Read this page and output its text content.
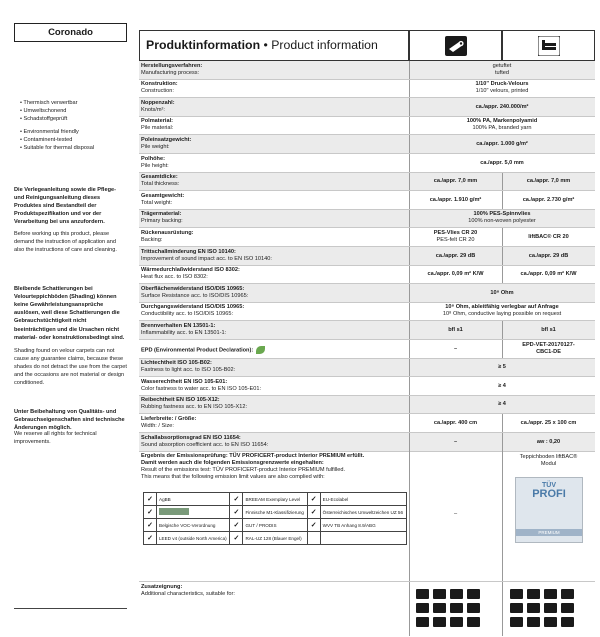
Coronado
• Thermisch verwertbar
• Umweltschonend
• Schadstoffgeprüft
• Environmental friendly
• Contaminent-tested
• Suitable for thermal disposal

Die Verlegeanleitung sowie die Pflege- und Reinigungsanleitung dieses Produktes sind Bestandteil der Produktspezifikation und vor der Verarbeitung bei uns anzufordern.

Before working up this product, please demand the instruction of application and also the instructions of care and cleaning.

Bleibende Schattierungen bei Velourteppichböden (Shading) können keine Gewährleistungsansprüche auslösen, weil diese Schattierungen die Gebrauchstüchtigkeit nicht beeinträchtigen und die Ursachen nicht material- oder konstruktionsbedingt sind.

Shading found on velour carpets can not cause any guarantee claims, because these shades do not detract the use from the carpet and the occasions are not material or design conditioned.

Unter Beibehaltung von Qualitäts- und Gebrauchseigenschaften sind technische Änderungen möglich.

We reserve all rights for technical improvements.

Produktinformation • Product information
Herstellungsverfahren:
Manufacturing process:
getuftet
tufted
Konstruktion:
Construction:
1/10" Druck-Velours
1/10" velours, printed
Noppenzahl:
Knots/m²:	ca./appr. 240.000/m²
Polmaterial:
Pile material:
100% PA, Markenpolyamid
100% PA, branded yarn
Poleinsatzgewicht:
Pile weight:	ca./appr. 1.000 g/m²
Polhöhe:
Pile height:	ca./appr. 5,0 mm
Gesamtdicke:
Total thickness:	ca./appr. 7,0 mm	ca./appr. 7,0 mm
Gesamtgewicht:
Total weight:	ca./appr. 1.910 g/m²	ca./appr. 2.730 g/m²
Trägermaterial:
Primary backing:
100% PES-Spinnvlies
100% non-woven polyester
Rückenausrüstung:
Backing:
PES-Vlies CR 20
PES-felt CR 20	liftBAC® CR 20
Trittschallminderung EN ISO 10140:
Improvement of sound impact acc. to EN ISO 10140:	ca./appr. 29 dB	ca./appr. 29 dB
Wärmedurchlaßwiderstand ISO 8302:
Heat flux acc. to ISO 8302:	ca./appr. 0,09 m² K/W	ca./appr. 0,09 m² K/W
Oberflächenwiderstand ISO/DIS 10965:
Surface Resistance acc. to ISO/DIS 10965:	10⁸ Ohm
Durchgangswiderstand ISO/DIS 10965:
Conductibility acc. to ISO/DIS 10965:
10⁸ Ohm, ableitfähig verlegbar auf Anfrage
10⁸ Ohm, conductive laying possible on request
Brennverhalten EN 13501-1:
Inflammability acc. to EN 13501-1:	bfl s1	bfl s1
EPD (Environmental Product Declaration):	–
EPD-VET-20170127-
CBC1-DE
Lichtechtheit ISO 105-B02:
Fastness to light acc. to ISO 105-B02:	≥ 5
Wasserechtheit EN ISO 105-E01:
Color fastness to water acc. to EN ISO 105-E01:	≥ 4
Reibechtheit EN ISO 105-X12:
Rubbing fastness acc. to EN ISO 105-X12:	≥ 4
Lieferbreite: / Größe:
Width: / Size:	ca./appr. 400 cm	ca./appr. 25 x 100 cm
Schallabsorptionsgrad EN ISO 11654:
Sound absorption coefficient acc. to EN ISO 11654:	–	aw : 0,20
Ergebnis der Emissionsprüfung: TÜV PROFICERT-product Interior PREMIUM erfüllt.
Damit werden auch die folgenden Emissionsgrenzwerte eingehalten:
Result of the emissions test: TÜV PROFICERT-product Interior PREMIUM fulfilled.
This means that the following emission limit values are also complied with:
✓	AgBB	✓	BREEAM Exemplary Level	✓	EU-Ecolabel
✓		✓	Finnische M1-Klassifizierung	✓	Österreichisches Umweltzeichen UZ 56
✓	Belgische VOC-Verordnung	✓	GUT / PRODIS	✓	WVV TB Anhang 8.9/ABG
✓	LEED v4 (outside North America)	✓	RAL-UZ 128 (Blauer Engel)		
–
Teppichboden liftBAC®
Modul
TÜV
PROFI
PREMIUM
Zusatzeignung:
Additional characteristics, suitable for:
